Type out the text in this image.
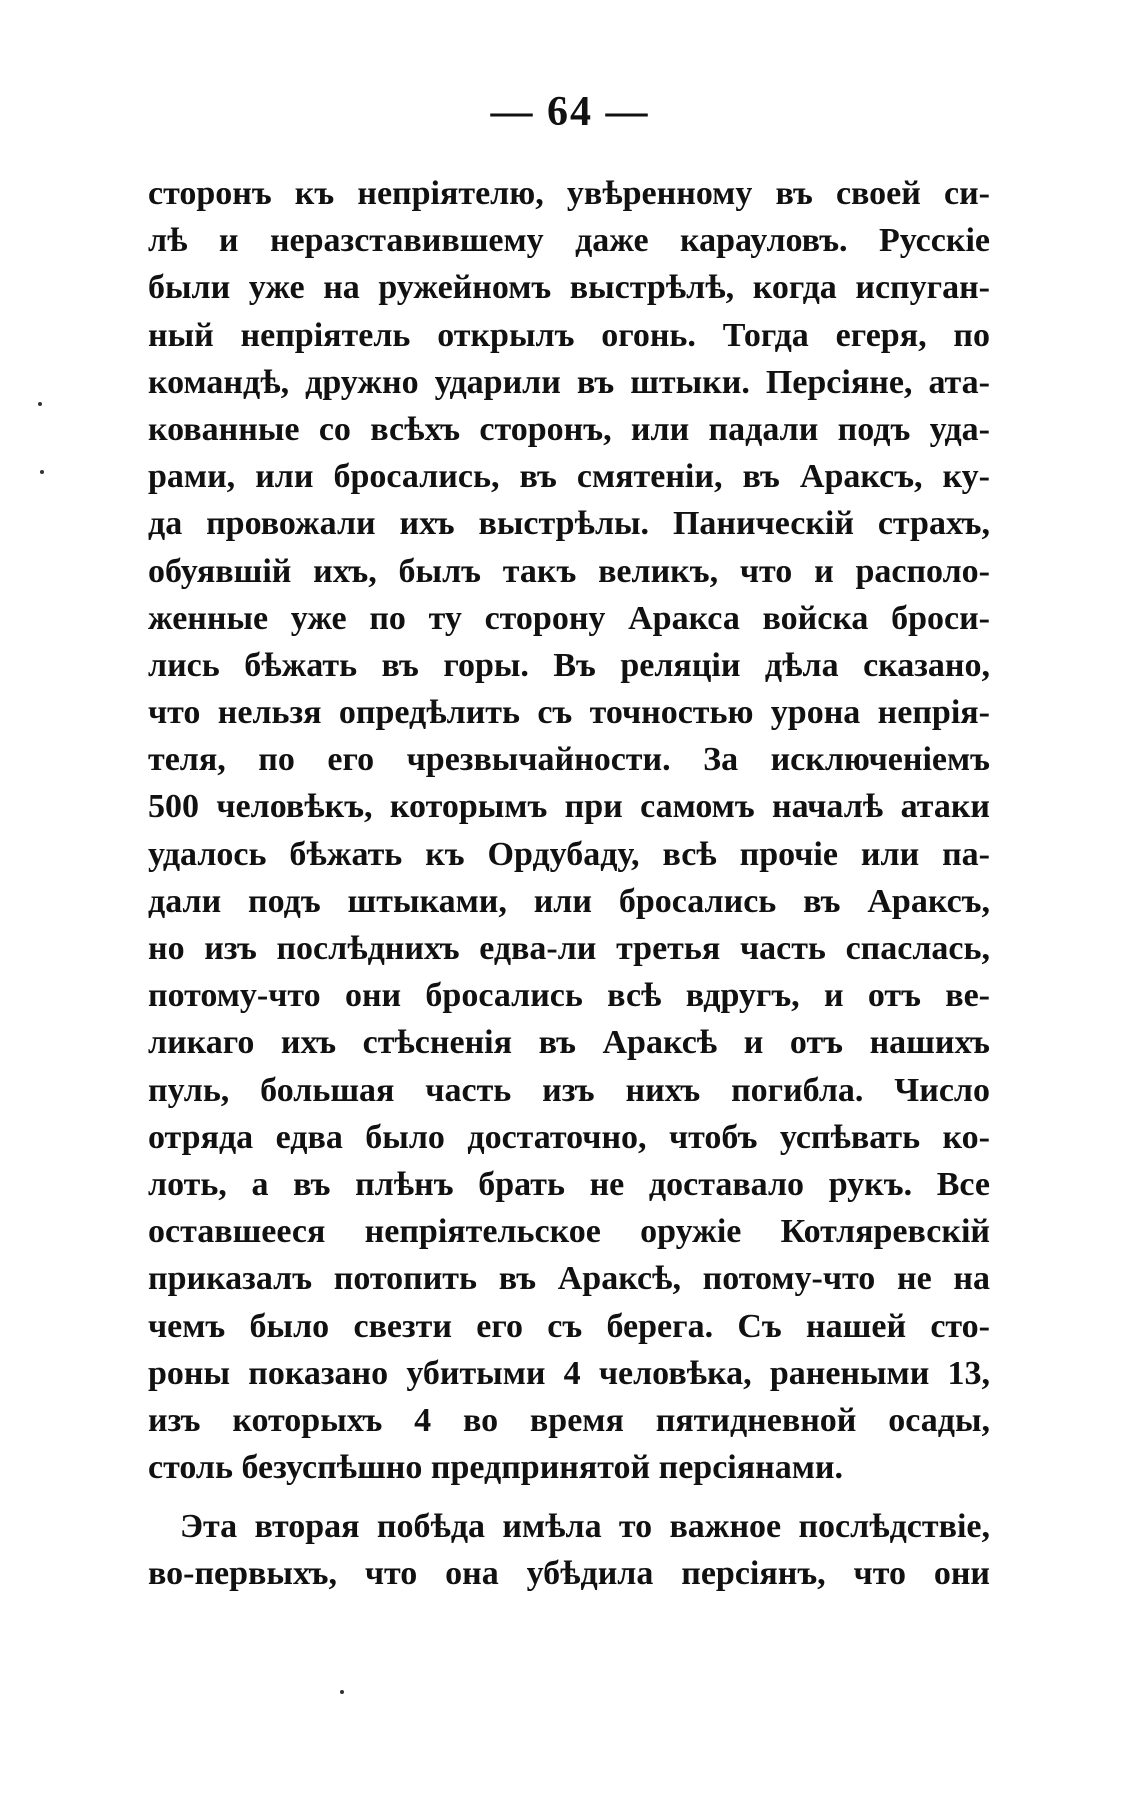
— 64 —
сторонъ къ непріятелю, увѣренному въ своей си-
лѣ и неразставившему даже карауловъ. Русскіе
были уже на ружейномъ выстрѣлѣ, когда испуган-
ный непріятель открылъ огонь. Тогда егеря, по
командѣ, дружно ударили въ штыки. Персіяне, ата-
кованные со всѣхъ сторонъ, или падали подъ уда-
рами, или бросались, въ смятеніи, въ Араксъ, ку-
да провожали ихъ выстрѣлы. Паническій страхъ,
обуявшій ихъ, былъ такъ великъ, что и располо-
женные уже по ту сторону Аракса войска броси-
лись бѣжать въ горы. Въ реляціи дѣла сказано,
что нельзя опредѣлить съ точностью урона непрія-
теля, по его чрезвычайности. За исключеніемъ
500 человѣкъ, которымъ при самомъ началѣ атаки
удалось бѣжать къ Ордубаду, всѣ прочіе или па-
дали подъ штыками, или бросались въ Араксъ,
но изъ послѣднихъ едва-ли третья часть спаслась,
потому-что они бросались всѣ вдругъ, и отъ ве-
ликаго ихъ стѣсненія въ Араксѣ и отъ нашихъ
пуль, большая часть изъ нихъ погибла. Число
отряда едва было достаточно, чтобъ успѣвать ко-
лоть, а въ плѣнъ брать не доставало рукъ. Все
оставшееся непріятельское оружіе Котляревскій
приказалъ потопить въ Араксѣ, потому-что не на
чемъ было свезти его съ берега. Съ нашей сто-
роны показано убитыми 4 человѣка, ранеными 13,
изъ которыхъ 4 во время пятидневной осады,
столь безуспѣшно предпринятой персіянами.
Эта вторая побѣда имѣла то важное послѣдствіе,
во-первыхъ, что она убѣдила персіянъ, что они
